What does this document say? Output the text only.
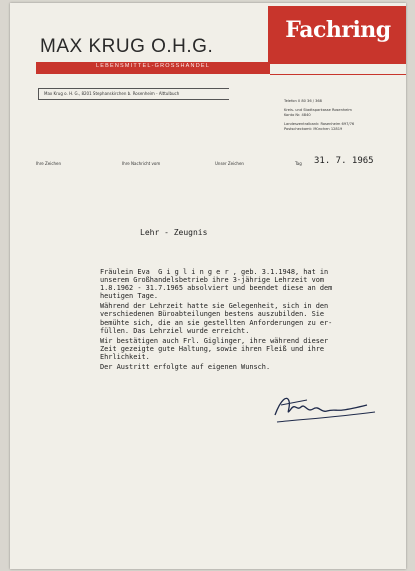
MAX KRUG O.H.G.
LEBENSMITTEL-GROSSHANDEL
Fachring
Max Krug o. H. G., 8201 Stephanskirchen b. Rosenheim - Alttulbuch
Telefon 0 80 36 / 368
Kreis- und Stadtsparkasse Rosenheim
Konto Nr. 4840
Landeszentralbank: Rosenheim 697/76
Postscheckamt: München 12819
Ihre Zeichen	Ihre Nachricht vom	Unser Zeichen	Tag 31. 7. 1965
Lehr - Zeugnis
Fräulein Eva  G i g l i n g e r , geb. 3.1.1948, hat in
unserem Großhandelsbetrieb ihre 3-jährige Lehrzeit vom
1.8.1962 - 31.7.1965 absolviert und beendet diese an dem
heutigen Tage.
Während der Lehrzeit hatte sie Gelegenheit, sich in den
verschiedenen Büroabteilungen bestens auszubilden. Sie
bemühte sich, die an sie gestellten Anforderungen zu er-
füllen. Das Lehrziel wurde erreicht.
Wir bestätigen auch Frl. Giglinger, ihre während dieser
Zeit gezeigte gute Haltung, sowie ihren Fleiß und ihre
Ehrlichkeit.
Der Austritt erfolgte auf eigenen Wunsch.
